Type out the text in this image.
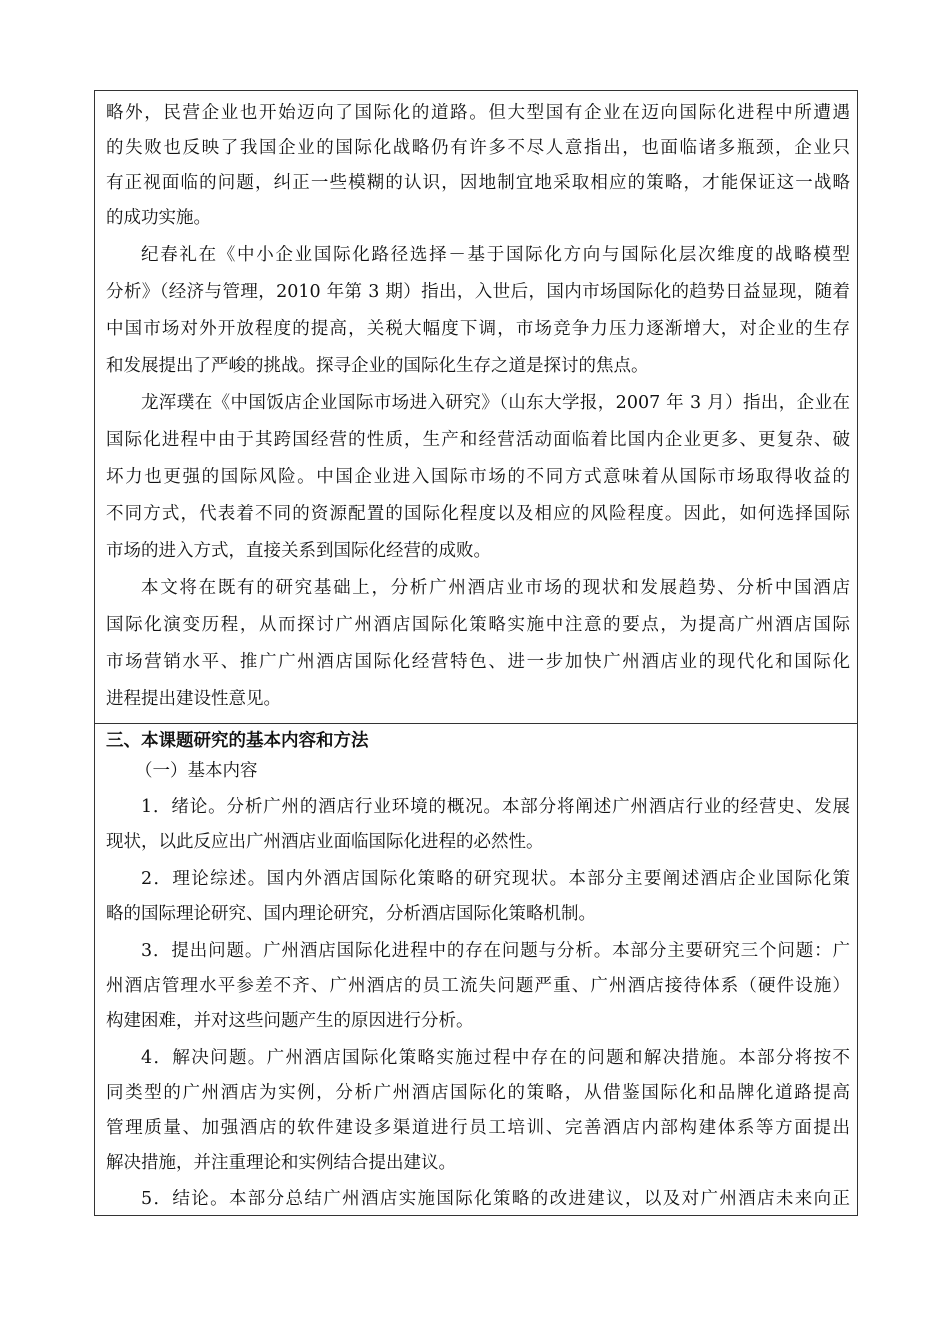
略外，民营企业也开始迈向了国际化的道路。但大型国有企业在迈向国际化进程中所遭遇
的失败也反映了我国企业的国际化战略仍有许多不尽人意指出，也面临诸多瓶颈，企业只
有正视面临的问题，纠正一些模糊的认识，因地制宜地采取相应的策略，才能保证这一战略
的成功实施。
纪春礼在《中小企业国际化路径选择－基于国际化方向与国际化层次维度的战略模型
分析》（经济与管理，2010 年第 3 期）指出，入世后，国内市场国际化的趋势日益显现，随着
中国市场对外开放程度的提高，关税大幅度下调，市场竞争力压力逐渐增大，对企业的生存
和发展提出了严峻的挑战。探寻企业的国际化生存之道是探讨的焦点。
龙浑璞在《中国饭店企业国际市场进入研究》（山东大学报，2007 年 3 月）指出，企业在
国际化进程中由于其跨国经营的性质，生产和经营活动面临着比国内企业更多、更复杂、破
坏力也更强的国际风险。中国企业进入国际市场的不同方式意味着从国际市场取得收益的
不同方式，代表着不同的资源配置的国际化程度以及相应的风险程度。因此，如何选择国际
市场的进入方式，直接关系到国际化经营的成败。
本文将在既有的研究基础上，分析广州酒店业市场的现状和发展趋势、分析中国酒店
国际化演变历程，从而探讨广州酒店国际化策略实施中注意的要点，为提高广州酒店国际
市场营销水平、推广广州酒店国际化经营特色、进一步加快广州酒店业的现代化和国际化
进程提出建设性意见。
三、本课题研究的基本内容和方法
（一）基本内容
1．绪论。分析广州的酒店行业环境的概况。本部分将阐述广州酒店行业的经营史、发展
现状，以此反应出广州酒店业面临国际化进程的必然性。
2．理论综述。国内外酒店国际化策略的研究现状。本部分主要阐述酒店企业国际化策
略的国际理论研究、国内理论研究，分析酒店国际化策略机制。
3．提出问题。广州酒店国际化进程中的存在问题与分析。本部分主要研究三个问题：广
州酒店管理水平参差不齐、广州酒店的员工流失问题严重、广州酒店接待体系（硬件设施）
构建困难，并对这些问题产生的原因进行分析。
4．解决问题。广州酒店国际化策略实施过程中存在的问题和解决措施。本部分将按不
同类型的广州酒店为实例，分析广州酒店国际化的策略，从借鉴国际化和品牌化道路提高
管理质量、加强酒店的软件建设多渠道进行员工培训、完善酒店内部构建体系等方面提出
解决措施，并注重理论和实例结合提出建议。
5．结论。本部分总结广州酒店实施国际化策略的改进建议，以及对广州酒店未来向正
